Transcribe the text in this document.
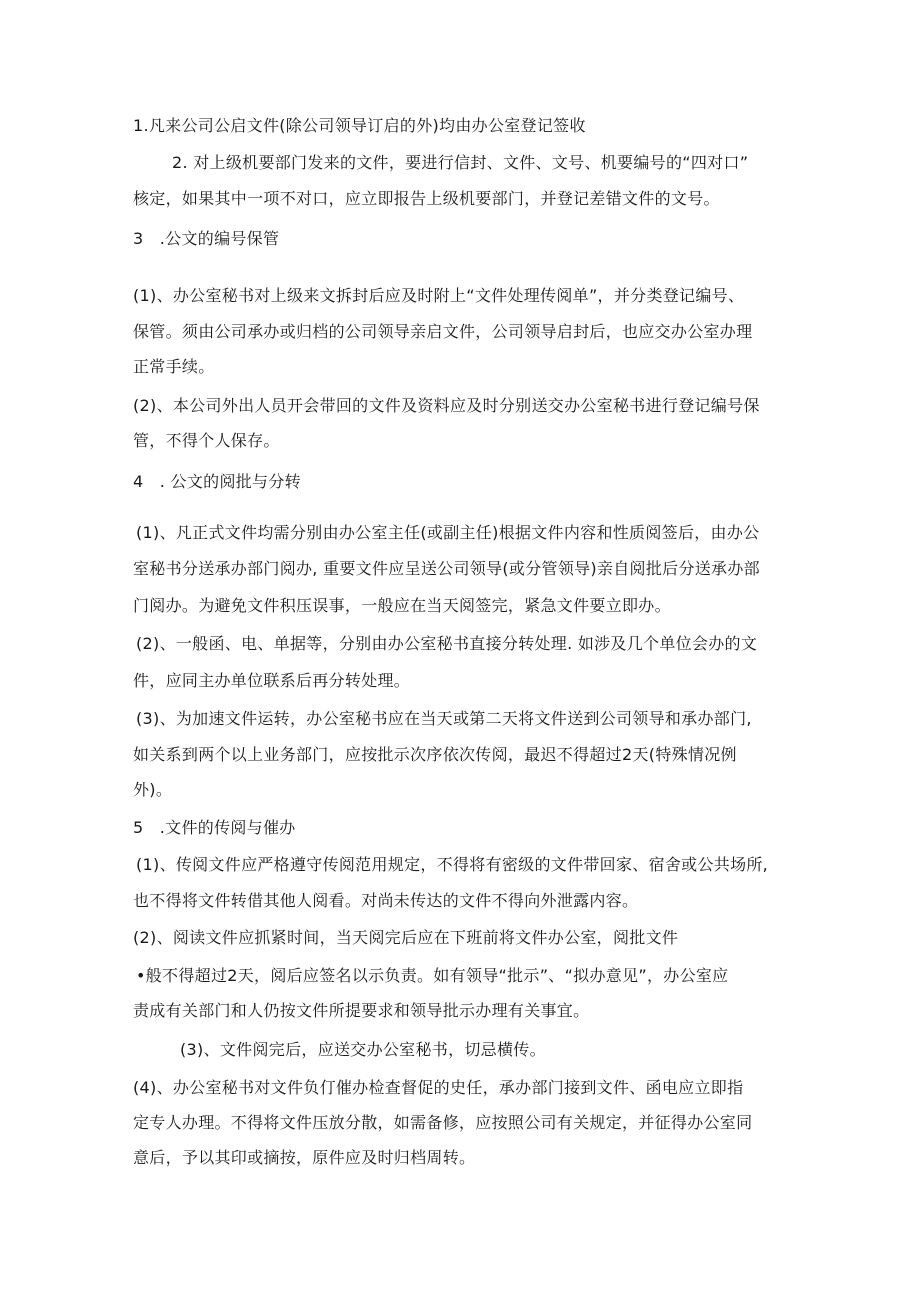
1.凡来公司公启文件(除公司领导订启的外)均由办公室登记签收
2. 对上级机要部门发来的文件，要进行信封、文件、文号、机要编号的“四对口”
核定，如果其中一项不对口，应立即报告上级机要部门，并登记差错文件的文号。
3　.公文的编号保管
(1)、办公室秘书对上级来文拆封后应及时附上“文件处理传阅单”，并分类登记编号、
保管。须由公司承办或归档的公司领导亲启文件，公司领导启封后，也应交办公室办理
正常手续。
(2)、本公司外出人员开会带回的文件及资料应及时分别送交办公室秘书进行登记编号保
管，不得个人保存。
4　. 公文的阅批与分转
(1)、凡正式文件均需分别由办公室主任(或副主任)根据文件内容和性质阅签后，由办公
室秘书分送承办部门阅办, 重要文件应呈送公司领导(或分管领导)亲自阅批后分送承办部
门阅办。为避免文件积压误事，一般应在当天阅签完，紧急文件要立即办。
(2)、一般函、电、单据等，分别由办公室秘书直接分转处理. 如涉及几个单位会办的文
件，应同主办单位联系后再分转处理。
(3)、为加速文件运转，办公室秘书应在当天或第二天将文件送到公司领导和承办部门,
如关系到两个以上业务部门，应按批示次序依次传阅，最迟不得超过2天(特殊情况例
外)。
5　.文件的传阅与催办
(1)、传阅文件应严格遵守传阅范用规定，不得将有密级的文件带回家、宿舍或公共场所,
也不得将文件转借其他人阅看。对尚未传达的文件不得向外泄露内容。
(2)、阅读文件应抓紧时间，当天阅完后应在下班前将文件办公室，阅批文件
•般不得超过2天，阅后应签名以示负责。如有领导“批示”、“拟办意见”，办公室应
责成有关部门和人仍按文件所提要求和领导批示办理有关事宜。
(3)、文件阅完后，应送交办公室秘书，切忌横传。
(4)、办公室秘书对文件负仃催办检查督促的史任，承办部门接到文件、函电应立即指
定专人办理。不得将文件压放分散，如需备修，应按照公司有关规定，并征得办公室同
意后，予以其印或摘按，原件应及时归档周转。
